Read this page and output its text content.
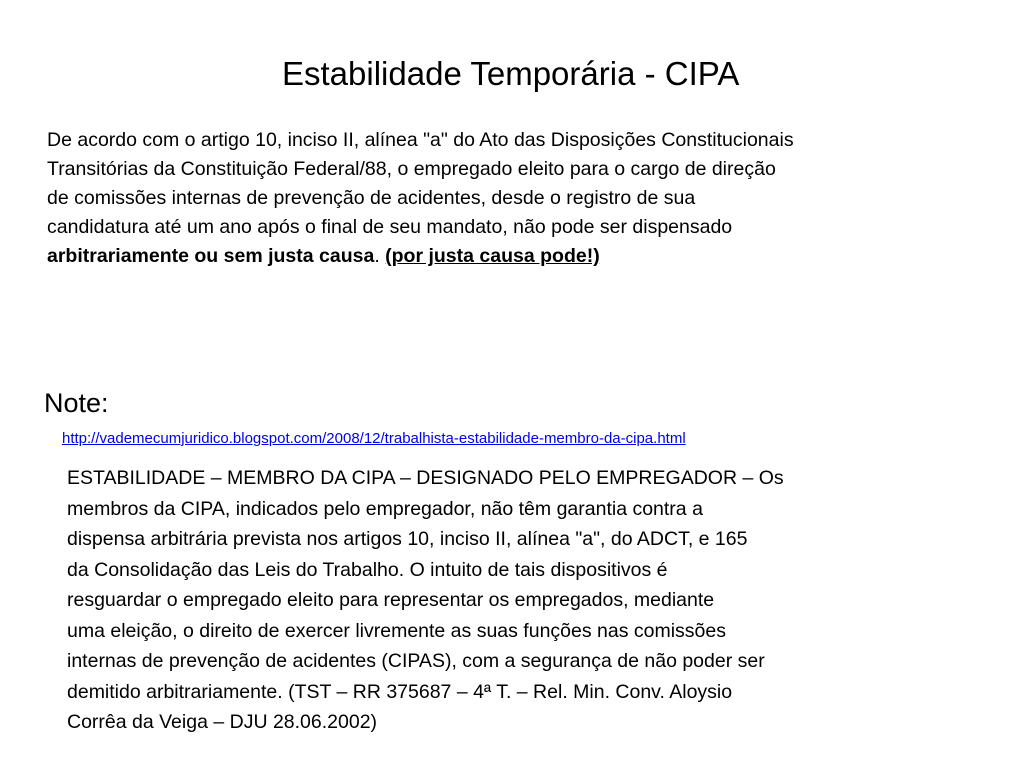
Estabilidade Temporária - CIPA
De acordo com o artigo 10, inciso II, alínea "a" do Ato das Disposições Constitucionais
Transitórias da Constituição Federal/88, o empregado eleito para o cargo de direção
de comissões internas de prevenção de acidentes, desde o registro de sua
candidatura até um ano após o final de seu mandato, não pode ser dispensado
arbitrariamente ou sem justa causa. (por justa causa pode!)
Note:
http://vademecumjuridico.blogspot.com/2008/12/trabalhista-estabilidade-membro-da-cipa.html
ESTABILIDADE – MEMBRO DA CIPA – DESIGNADO PELO EMPREGADOR – Os
membros da CIPA, indicados pelo empregador, não têm garantia contra a
dispensa arbitrária prevista nos artigos 10, inciso II, alínea "a", do ADCT, e 165
da Consolidação das Leis do Trabalho. O intuito de tais dispositivos é
resguardar o empregado eleito para representar os empregados, mediante
uma eleição, o direito de exercer livremente as suas funções nas comissões
internas de prevenção de acidentes (CIPAS), com a segurança de não poder ser
demitido arbitrariamente. (TST – RR 375687 – 4ª T. – Rel. Min. Conv. Aloysio
Corrêa da Veiga – DJU 28.06.2002)
